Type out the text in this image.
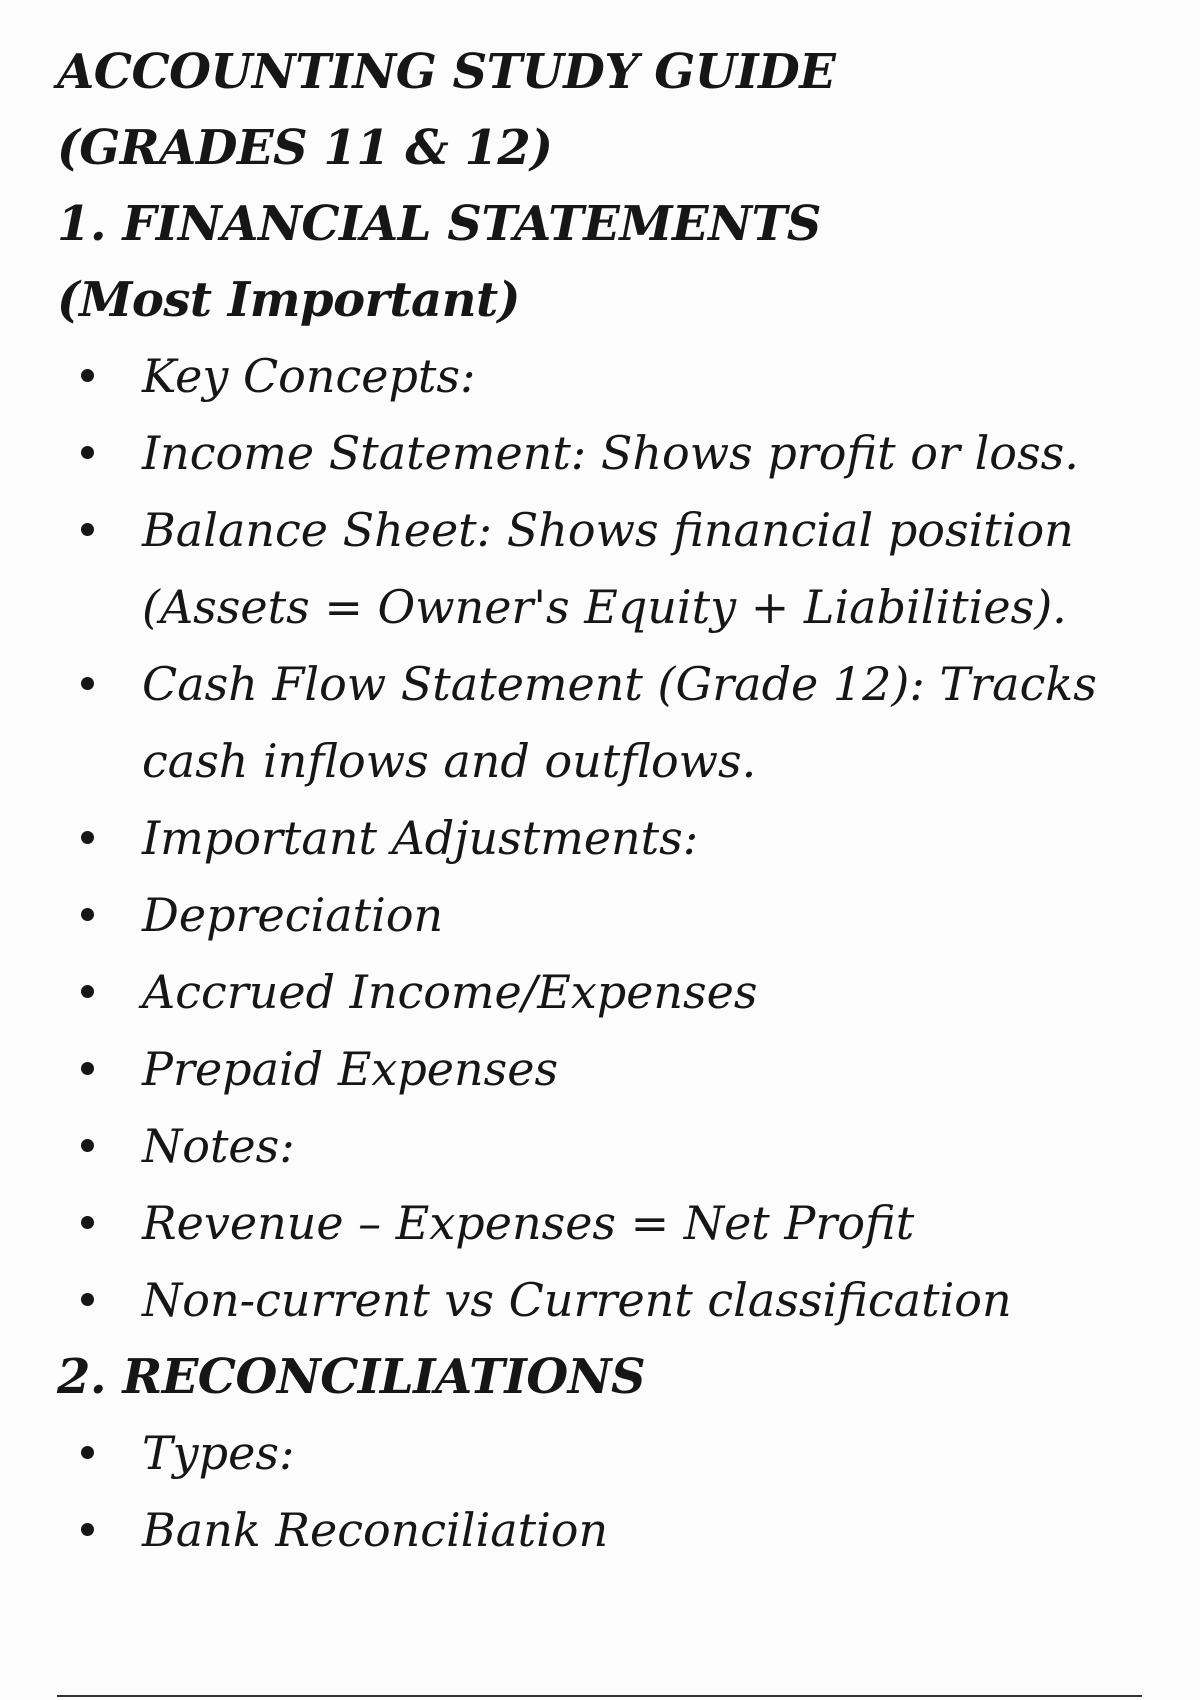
ACCOUNTING STUDY GUIDE (GRADES 11 & 12)
1. FINANCIAL STATEMENTS (Most Important)
Key Concepts:
Income Statement: Shows profit or loss.
Balance Sheet: Shows financial position (Assets = Owner's Equity + Liabilities).
Cash Flow Statement (Grade 12): Tracks cash inflows and outflows.
Important Adjustments:
Depreciation
Accrued Income/Expenses
Prepaid Expenses
Notes:
Revenue – Expenses = Net Profit
Non-current vs Current classification
2. RECONCILIATIONS
Types:
Bank Reconciliation
